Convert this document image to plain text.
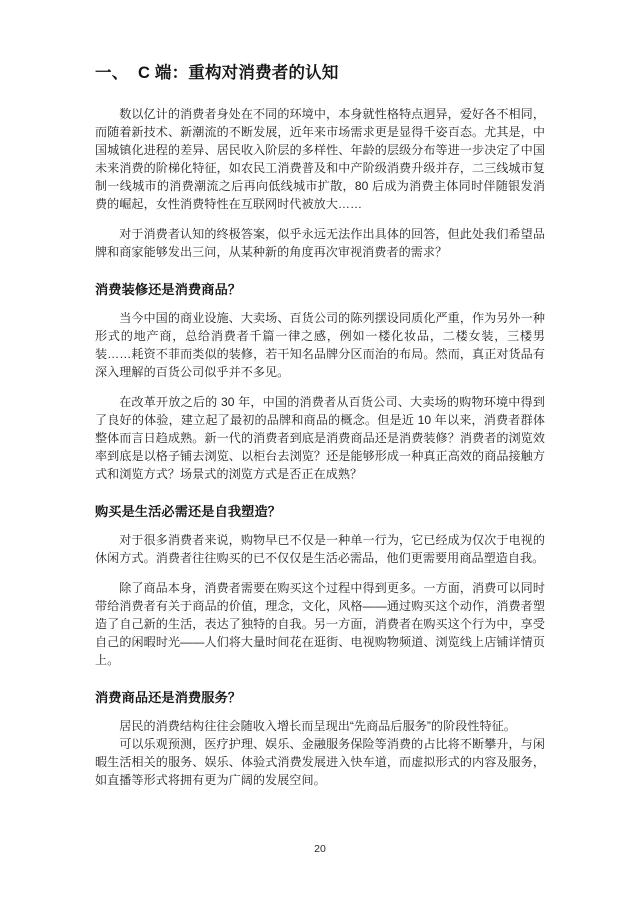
一、  C 端：重构对消费者的认知

数以亿计的消费者身处在不同的环境中，本身就性格特点迥异，爱好各不相同，而随着新技术、新潮流的不断发展，近年来市场需求更是显得千姿百态。尤其是，中国城镇化进程的差异、居民收入阶层的多样性、年龄的层级分布等进一步决定了中国未来消费的阶梯化特征，如农民工消费普及和中产阶级消费升级并存，二三线城市复制一线城市的消费潮流之后再向低线城市扩散，80 后成为消费主体同时伴随银发消费的崛起，女性消费特性在互联网时代被放大……

对于消费者认知的终极答案，似乎永远无法作出具体的回答，但此处我们希望品牌和商家能够发出三问，从某种新的角度再次审视消费者的需求？

消费装修还是消费商品？

当今中国的商业设施、大卖场、百货公司的陈列摆设同质化严重，作为另外一种形式的地产商，总给消费者千篇一律之感，例如一楼化妆品，二楼女装，三楼男装……耗资不菲而类似的装修，若干知名品牌分区而治的布局。然而，真正对货品有深入理解的百货公司似乎并不多见。

在改革开放之后的 30 年，中国的消费者从百货公司、大卖场的购物环境中得到了良好的体验，建立起了最初的品牌和商品的概念。但是近 10 年以来，消费者群体整体而言日趋成熟。新一代的消费者到底是消费商品还是消费装修？消费者的浏览效率到底是以格子铺去浏览、以柜台去浏览？还是能够形成一种真正高效的商品接触方式和浏览方式？场景式的浏览方式是否正在成熟？

购买是生活必需还是自我塑造？

对于很多消费者来说，购物早已不仅是一种单一行为，它已经成为仅次于电视的休闲方式。消费者往往购买的已不仅仅是生活必需品，他们更需要用商品塑造自我。

除了商品本身，消费者需要在购买这个过程中得到更多。一方面，消费可以同时带给消费者有关于商品的价值，理念，文化，风格——通过购买这个动作，消费者塑造了自己新的生活，表达了独特的自我。另一方面，消费者在购买这个行为中，享受自己的闲暇时光——人们将大量时间花在逛街、电视购物频道、浏览线上店铺详情页上。

消费商品还是消费服务？

居民的消费结构往往会随收入增长而呈现出“先商品后服务”的阶段性特征。

可以乐观预测，医疗护理、娱乐、金融服务保险等消费的占比将不断攀升，与闲暇生活相关的服务、娱乐、体验式消费发展进入快车道，而虚拟形式的内容及服务，如直播等形式将拥有更为广阔的发展空间。

20
